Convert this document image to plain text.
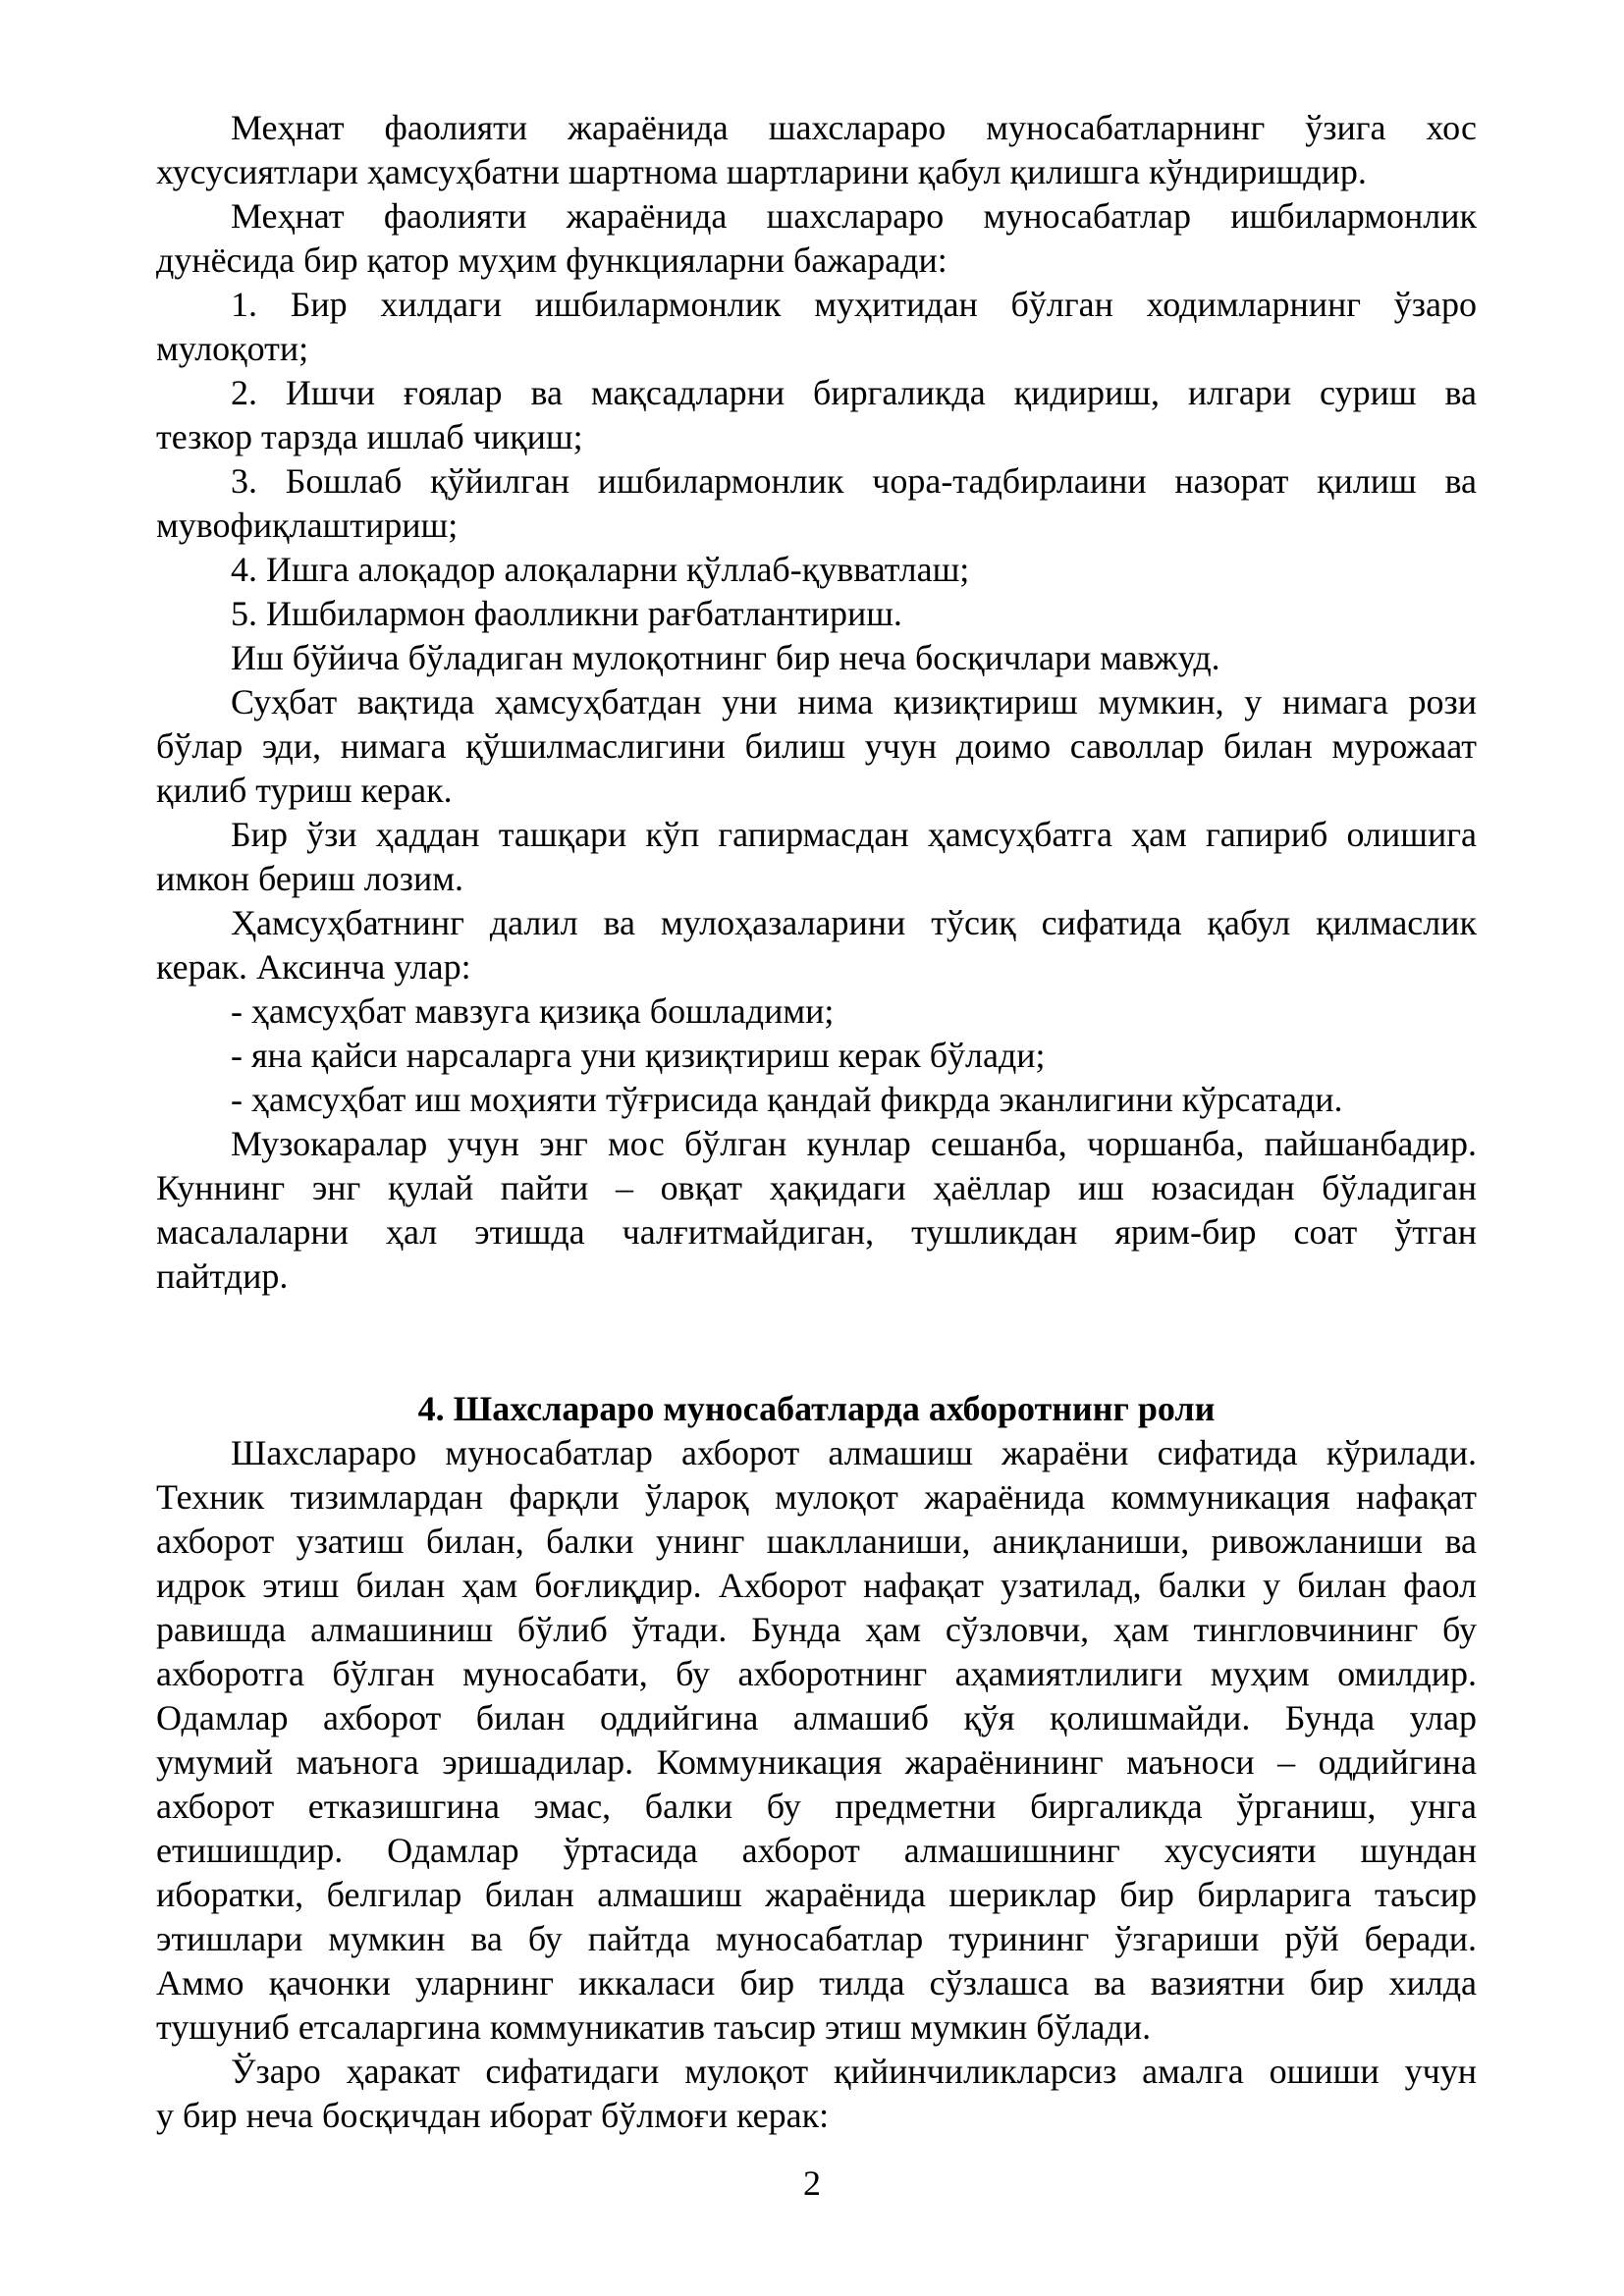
Меҳнат фаолияти жараёнида шахслараро муносабатларнинг ўзига хос
хусусиятлари ҳамсуҳбатни шартнома шартларини қабул қилишга кўндиришдир.
Меҳнат фаолияти жараёнида шахслараро муносабатлар ишбилармонлик
дунёсида бир қатор муҳим функцияларни бажаради:
1. Бир хилдаги ишбилармонлик муҳитидан бўлган ходимларнинг ўзаро
мулоқоти;
2. Ишчи ғоялар ва мақсадларни биргаликда қидириш, илгари суриш ва
тезкор тарзда ишлаб чиқиш;
3. Бошлаб қўйилган ишбилармонлик чора-тадбирлаини назорат қилиш ва
мувофиқлаштириш;
4. Ишга алоқадор алоқаларни қўллаб-қувватлаш;
5. Ишбилармон фаолликни рағбатлантириш.
Иш бўйича бўладиган мулоқотнинг бир неча босқичлари мавжуд.
Суҳбат вақтида ҳамсуҳбатдан уни нима қизиқтириш мумкин, у нимага рози
бўлар эди, нимага қўшилмаслигини билиш учун доимо саволлар билан мурожаат
қилиб туриш керак.
Бир ўзи ҳаддан ташқари кўп гапирмасдан ҳамсуҳбатга ҳам гапириб олишига
имкон бериш лозим.
Ҳамсуҳбатнинг далил ва мулоҳазаларини тўсиқ сифатида қабул қилмаслик
керак. Аксинча улар:
- ҳамсуҳбат мавзуга қизиқа бошладими;
- яна қайси нарсаларга уни қизиқтириш керак бўлади;
- ҳамсуҳбат иш моҳияти тўғрисида қандай фикрда эканлигини кўрсатади.
Музокаралар учун энг мос бўлган кунлар сешанба, чоршанба, пайшанбадир.
Куннинг энг қулай пайти – овқат ҳақидаги ҳаёллар иш юзасидан бўладиган
масалаларни ҳал этишда чалғитмайдиган, тушликдан ярим-бир соат ўтган
пайтдир.
4. Шахслараро муносабатларда ахборотнинг роли
Шахслараро муносабатлар ахборот алмашиш жараёни сифатида кўрилади.
Техник тизимлардан фарқли ўлароқ мулоқот жараёнида коммуникация нафақат
ахборот узатиш билан, балки унинг шаклланиши, аниқланиши, ривожланиши ва
идрок этиш билан ҳам боғлиқдир. Ахборот нафақат узатилад, балки у билан фаол
равишда алмашиниш бўлиб ўтади. Бунда ҳам сўзловчи, ҳам тингловчининг бу
ахборотга бўлган муносабати, бу ахборотнинг аҳамиятлилиги муҳим омилдир.
Одамлар ахборот билан оддийгина алмашиб қўя қолишмайди. Бунда улар
умумий маъногa эришадилар. Коммуникация жараёнининг маъноси – оддийгина
ахборот етказишгина эмас, балки бу предметни биргаликда ўрганиш, унга
етишишдир. Одамлар ўртасида ахборот алмашишнинг хусусияти шундан
иборатки, белгилар билан алмашиш жараёнида шериклар бир бирларига таъсир
этишлари мумкин ва бу пайтда муносабатлар турининг ўзгариши рўй беради.
Аммо қачонки уларнинг иккаласи бир тилда сўзлашса ва вазиятни бир хилда
тушуниб етсаларгина коммуникатив таъсир этиш мумкин бўлади.
Ўзаро ҳаракат сифатидаги мулоқот қийинчиликларсиз амалга ошиши учун
у бир неча босқичдан иборат бўлмоғи керак:
2
